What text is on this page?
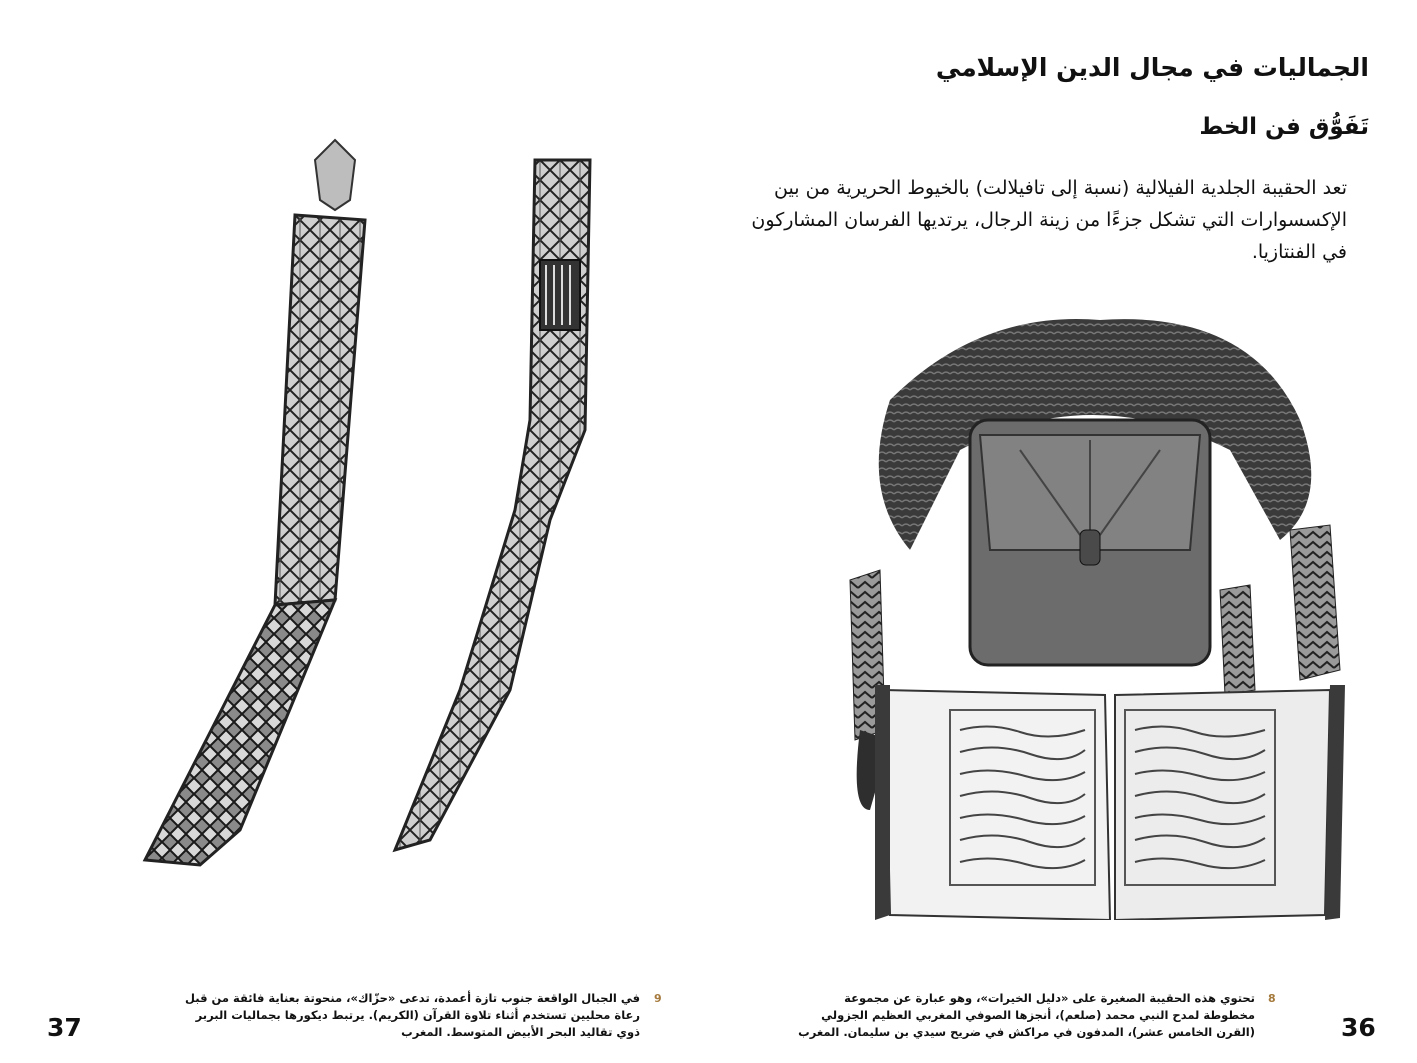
الجماليات في مجال الدين الإسلامي
تَفَوُّق فن الخط
تعد الحقيبة الجلدية الفيلالية (نسبة إلى تافيلالت) بالخيوط الحريرية من بين الإكسسوارات التي تشكل جزءًا من زينة الرجال، يرتديها الفرسان المشاركون في الفنتازيا.
9
في الجبال الواقعة جنوب تازة أعمدة، تدعى «حزّاك»، منحوتة بعناية فائقة من قبل رعاة محليين تستخدم أثناء تلاوة القرآن (الكريم). يرتبط ديكورها بجماليات البربر ذوي تقاليد البحر الأبيض المتوسط. المغرب
8
تحتوي هذه الحقيبة الصغيرة على «دليل الخيرات»، وهو عبارة عن مجموعة مخطوطة لمدح النبي محمد (صلعم)، أنجزها الصوفي المغربي العظيم الجزولي (القرن الخامس عشر)، المدفون في مراكش في ضريح سيدي بن سليمان. المغرب
37	36
